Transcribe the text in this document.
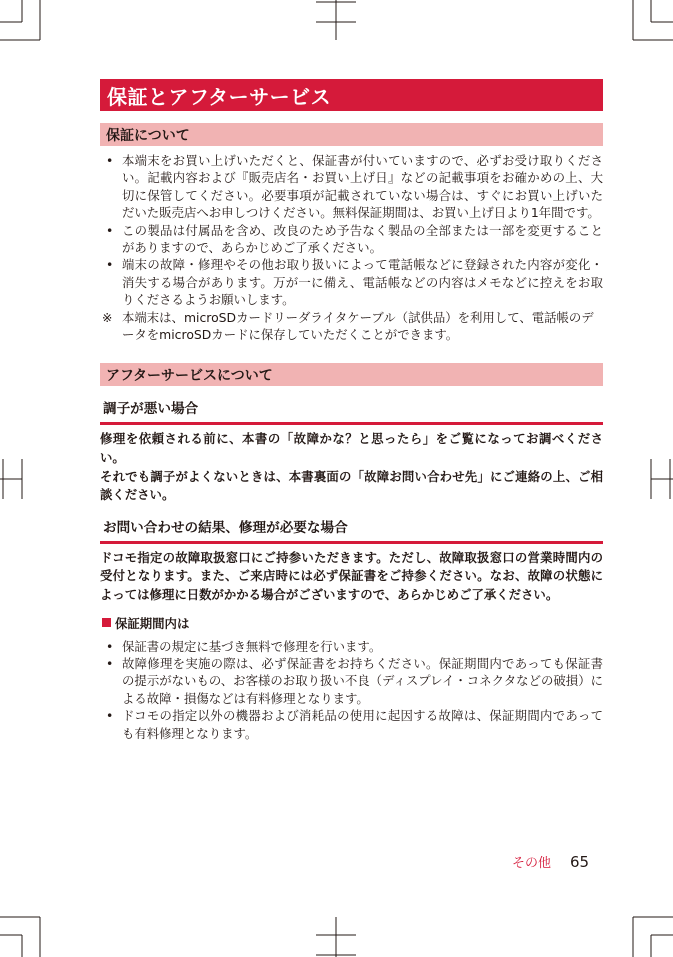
保証とアフターサービス
保証について
• 本端末をお買い上げいただくと、保証書が付いていますので、必ずお受け取りください。記載内容および『販売店名・お買い上げ日』などの記載事項をお確かめの上、大切に保管してください。必要事項が記載されていない場合は、すぐにお買い上げいただいた販売店へお申しつけください。無料保証期間は、お買い上げ日より1年間です。
• この製品は付属品を含め、改良のため予告なく製品の全部または一部を変更することがありますので、あらかじめご了承ください。
• 端末の故障・修理やその他お取り扱いによって電話帳などに登録された内容が変化・消失する場合があります。万が一に備え、電話帳などの内容はメモなどに控えをお取りくださるようお願いします。
※ 本端末は、microSDカードリーダライタケーブル（試供品）を利用して、電話帳のデータをmicroSDカードに保存していただくことができます。
アフターサービスについて
調子が悪い場合
修理を依頼される前に、本書の「故障かな？と思ったら」をご覧になってお調べください。
それでも調子がよくないときは、本書裏面の「故障お問い合わせ先」にご連絡の上、ご相談ください。
お問い合わせの結果、修理が必要な場合
ドコモ指定の故障取扱窓口にご持参いただきます。ただし、故障取扱窓口の営業時間内の受付となります。また、ご来店時には必ず保証書をご持参ください。なお、故障の状態によっては修理に日数がかかる場合がございますので、あらかじめご了承ください。
保証期間内は
• 保証書の規定に基づき無料で修理を行います。
• 故障修理を実施の際は、必ず保証書をお持ちください。保証期間内であっても保証書の提示がないもの、お客様のお取り扱い不良（ディスプレイ・コネクタなどの破損）による故障・損傷などは有料修理となります。
• ドコモの指定以外の機器および消耗品の使用に起因する故障は、保証期間内であっても有料修理となります。
その他 65
